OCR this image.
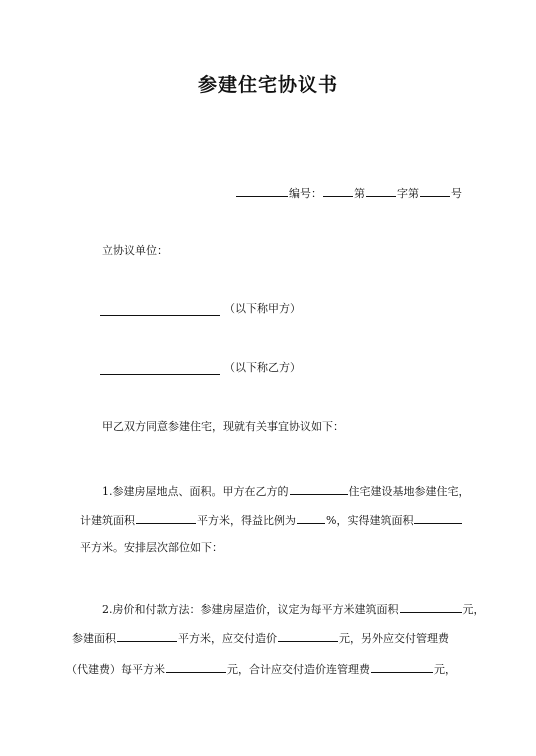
参建住宅协议书
编号：	第	字第	号
立协议单位：
（以下称甲方）
（以下称乙方）
甲乙双方同意参建住宅，现就有关事宜协议如下：
1.参建房屋地点、面积。甲方在乙方的	住宅建设基地参建住宅，
计建筑面积	平方米，得益比例为	%，实得建筑面积
平方米。安排层次部位如下：
2.房价和付款方法：参建房屋造价，议定为每平方米建筑面积	元，
参建面积	平方米，应交付造价	元，另外应交付管理费
（代建费）每平方米	元，合计应交付造价连管理费	元，
